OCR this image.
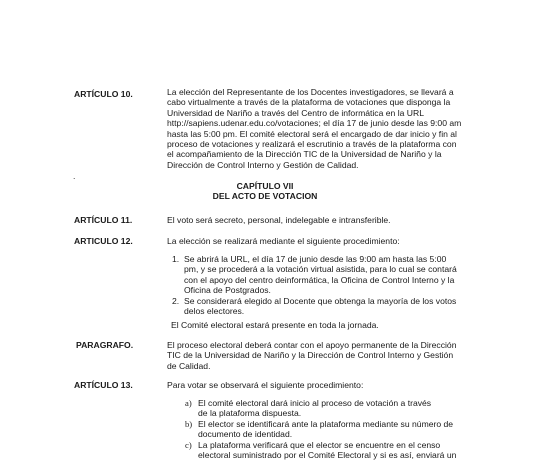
ARTÍCULO 10.	La elección del Representante de los Docentes investigadores, se llevará a
cabo virtualmente a través de la plataforma de votaciones que disponga la
Universidad de Nariño a través del Centro de informática en la URL
http://sapiens.udenar.edu.co/votaciones; el día 17 de junio desde las 9:00 am
hasta las 5:00 pm. El comité electoral será el encargado de dar inicio y fin al
proceso de votaciones y realizará el escrutinio a través de la plataforma con
el acompañamiento de la Dirección TIC de la Universidad de Nariño y la
Dirección de Control Interno y Gestión de Calidad.
.
CAPÍTULO VII
DEL ACTO DE VOTACION
ARTÍCULO 11.	El voto será secreto, personal, indelegable e intransferible.
ARTICULO 12.	La elección se realizará mediante el siguiente procedimiento:
1. Se abrirá la URL, el día 17 de junio desde las 9:00 am hasta las 5:00
pm, y se procederá a la votación virtual asistida, para lo cual se contará
con el apoyo del centro deinformática, la Oficina de Control Interno y la
Oficina de Postgrados.
2. Se considerará elegido al Docente que obtenga la mayoría de los votos
delos electores.
El Comité electoral estará presente en toda la jornada.
PARAGRAFO.	El proceso electoral deberá contar con el apoyo permanente de la Dirección
TIC de la Universidad de Nariño y la Dirección de Control Interno y Gestión
de Calidad.
ARTÍCULO 13.	Para votar se observará el siguiente procedimiento:
a) El comité electoral dará inicio al proceso de votación a través
de la plataforma dispuesta.
b) El elector se identificará ante la plataforma mediante su número de
documento de identidad.
c) La plataforma verificará que el elector se encuentre en el censo
electoral suministrado por el Comité Electoral y si es así, enviará un
